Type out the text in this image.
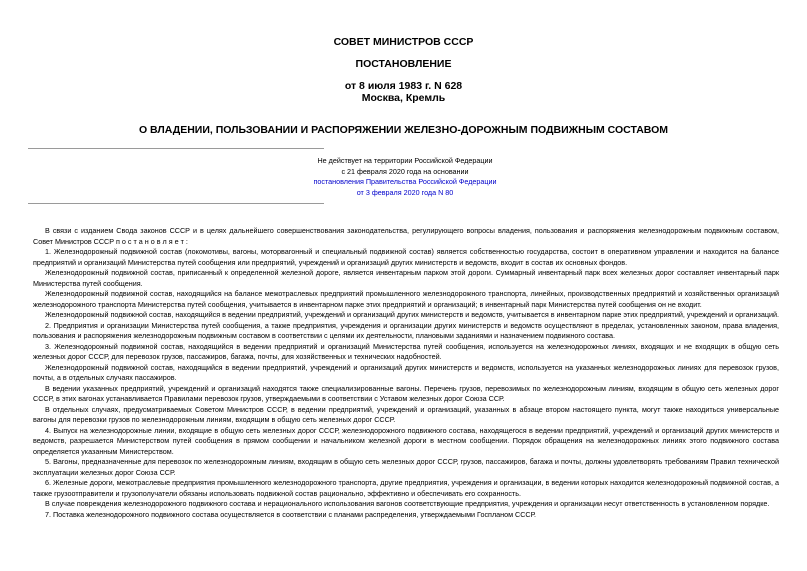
СОВЕТ МИНИСТРОВ СССР
ПОСТАНОВЛЕНИЕ
от 8 июля 1983 г. N 628
Москва, Кремль
О ВЛАДЕНИИ, ПОЛЬЗОВАНИИ И РАСПОРЯЖЕНИИ ЖЕЛЕЗНО-ДОРОЖНЫМ ПОДВИЖНЫМ СОСТАВОМ
Не действует на территории Российской Федерации
с 21 февраля 2020 года на основании
постановления Правительства Российской Федерации
от 3 февраля 2020 года N 80

В связи с изданием Свода законов СССР и в целях дальнейшего совершенствования законодательства, регулирующего вопросы владения, пользования и распоряжения железнодорожным подвижным составом, Совет Министров СССР п о с т а н о в л я е т :

1. Железнодорожный подвижной состав (локомотивы, вагоны, моторвагонный и специальный подвижной состав) является собственностью государства, состоит в оперативном управлении и находится на балансе предприятий и организаций Министерства путей сообщения или предприятий, учреждений и организаций других министерств и ведомств, входит в состав их основных фондов.

Железнодорожный подвижной состав, приписанный к определенной железной дороге, является инвентарным парком этой дороги. Суммарный инвентарный парк всех железных дорог составляет инвентарный парк Министерства путей сообщения.

Железнодорожный подвижной состав, находящийся на балансе межотраслевых предприятий промышленного железнодорожного транспорта, линейных, производственных предприятий и хозяйственных организаций железнодорожного транспорта Министерства путей сообщения, учитывается в инвентарном парке этих предприятий и организаций; в инвентарный парк Министерства путей сообщения он не входит.

Железнодорожный подвижной состав, находящийся в ведении предприятий, учреждений и организаций других министерств и ведомств, учитывается в инвентарном парке этих предприятий, учреждений и организаций.

2. Предприятия и организации Министерства путей сообщения, а также предприятия, учреждения и организации других министерств и ведомств осуществляют в пределах, установленных законом, права владения, пользования и распоряжения железнодорожным подвижным составом в соответствии с целями их деятельности, плановыми заданиями и назначением подвижного состава.

3. Железнодорожный подвижной состав, находящийся в ведении предприятий и организаций Министерства путей сообщения, используется на железнодорожных линиях, входящих и не входящих в общую сеть железных дорог СССР, для перевозок грузов, пассажиров, багажа, почты, для хозяйственных и технических надобностей.

Железнодорожный подвижной состав, находящийся в ведении предприятий, учреждений и организаций других министерств и ведомств, используется на указанных железнодорожных линиях для перевозок грузов, почты, а в отдельных случаях пассажиров.

В ведении указанных предприятий, учреждений и организаций находятся также специализированные вагоны. Перечень грузов, перевозимых по железнодорожным линиям, входящим в общую сеть железных дорог СССР, в этих вагонах устанавливается Правилами перевозок грузов, утверждаемыми в соответствии с Уставом железных дорог Союза ССР.

В отдельных случаях, предусматриваемых Советом Министров СССР, в ведении предприятий, учреждений и организаций, указанных в абзаце втором настоящего пункта, могут также находиться универсальные вагоны для перевозки грузов по железнодорожным линиям, входящим в общую сеть железных дорог СССР.

4. Выпуск на железнодорожные линии, входящие в общую сеть железных дорог СССР, железнодорожного подвижного состава, находящегося в ведении предприятий, учреждений и организаций других министерств и ведомств, разрешается Министерством путей сообщения в прямом сообщении и начальником железной дороги в местном сообщении. Порядок обращения на железнодорожных линиях этого подвижного состава определяется указанным Министерством.

5. Вагоны, предназначенные для перевозок по железнодорожным линиям, входящим в общую сеть железных дорог СССР, грузов, пассажиров, багажа и почты, должны удовлетворять требованиям Правил технической эксплуатации железных дорог Союза ССР.

6. Железные дороги, межотраслевые предприятия промышленного железнодорожного транспорта, другие предприятия, учреждения и организации, в ведении которых находится железнодорожный подвижной состав, а также грузоотправители и грузополучатели обязаны использовать подвижной состав рационально, эффективно и обеспечивать его сохранность.

В случае повреждения железнодорожного подвижного состава и нерационального использования вагонов соответствующие предприятия, учреждения и организации несут ответственность в установленном порядке.

7. Поставка железнодорожного подвижного состава осуществляется в соответствии с планами распределения, утверждаемыми Госпланом СССР.
